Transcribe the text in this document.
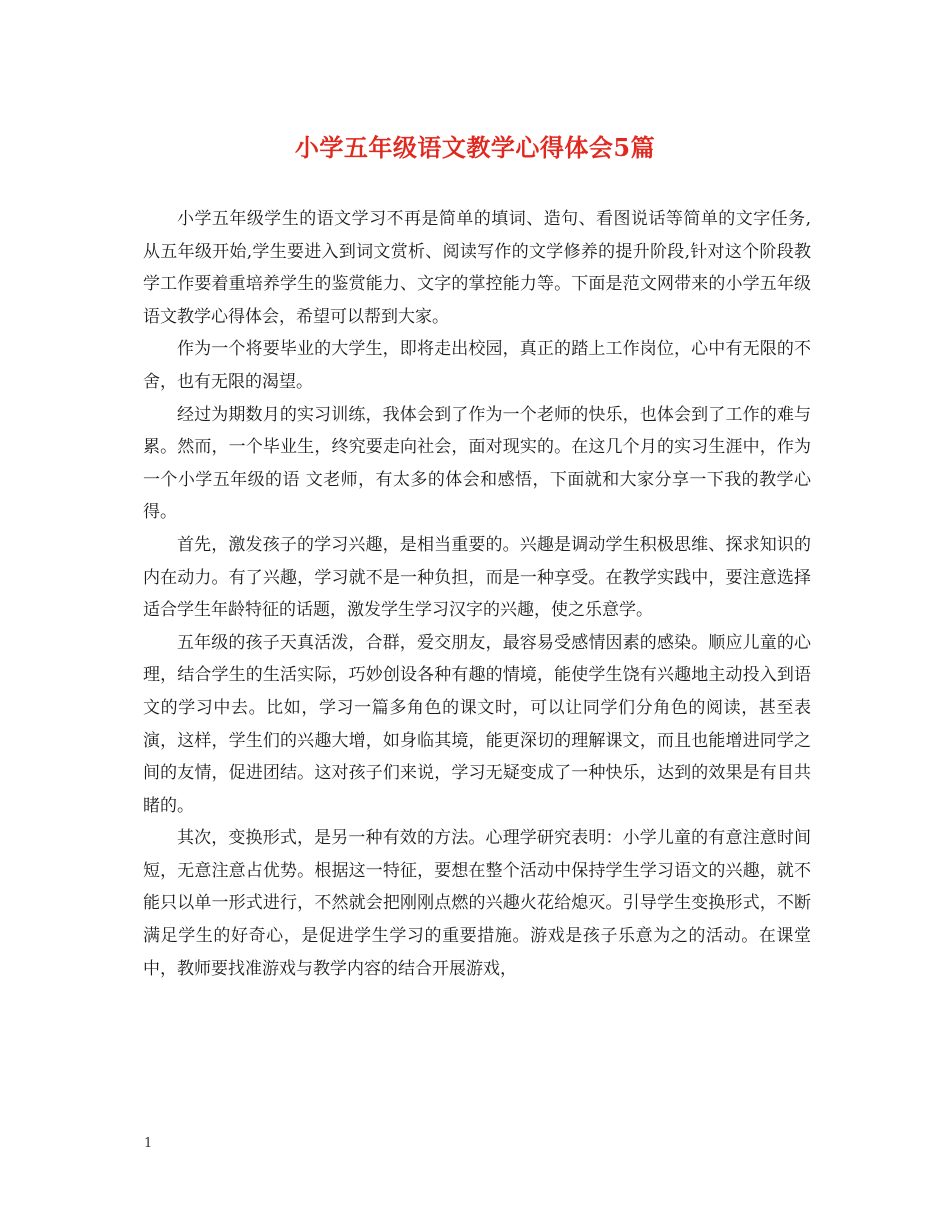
小学五年级语文教学心得体会5篇

小学五年级学生的语文学习不再是简单的填词、造句、看图说话等简单的文字任务,从五年级开始,学生要进入到词文赏析、阅读写作的文学修养的提升阶段,针对这个阶段教学工作要着重培养学生的鉴赏能力、文字的掌控能力等。下面是范文网带来的小学五年级语文教学心得体会，希望可以帮到大家。

作为一个将要毕业的大学生，即将走出校园，真正的踏上工作岗位，心中有无限的不舍，也有无限的渴望。

经过为期数月的实习训练，我体会到了作为一个老师的快乐，也体会到了工作的难与累。然而，一个毕业生，终究要走向社会，面对现实的。在这几个月的实习生涯中，作为一个小学五年级的语 文老师，有太多的体会和感悟，下面就和大家分享一下我的教学心得。

首先，激发孩子的学习兴趣，是相当重要的。兴趣是调动学生积极思维、探求知识的内在动力。有了兴趣，学习就不是一种负担，而是一种享受。在教学实践中，要注意选择适合学生年龄特征的话题，激发学生学习汉字的兴趣，使之乐意学。

五年级的孩子天真活泼，合群，爱交朋友，最容易受感情因素的感染。顺应儿童的心理，结合学生的生活实际，巧妙创设各种有趣的情境，能使学生饶有兴趣地主动投入到语文的学习中去。比如，学习一篇多角色的课文时，可以让同学们分角色的阅读，甚至表演，这样，学生们的兴趣大增，如身临其境，能更深切的理解课文，而且也能增进同学之间的友情，促进团结。这对孩子们来说，学习无疑变成了一种快乐，达到的效果是有目共睹的。

其次，变换形式，是另一种有效的方法。心理学研究表明：小学儿童的有意注意时间短，无意注意占优势。根据这一特征，要想在整个活动中保持学生学习语文的兴趣，就不能只以单一形式进行，不然就会把刚刚点燃的兴趣火花给熄灭。引导学生变换形式，不断满足学生的好奇心，是促进学生学习的重要措施。游戏是孩子乐意为之的活动。在课堂中，教师要找准游戏与教学内容的结合开展游戏，

1
